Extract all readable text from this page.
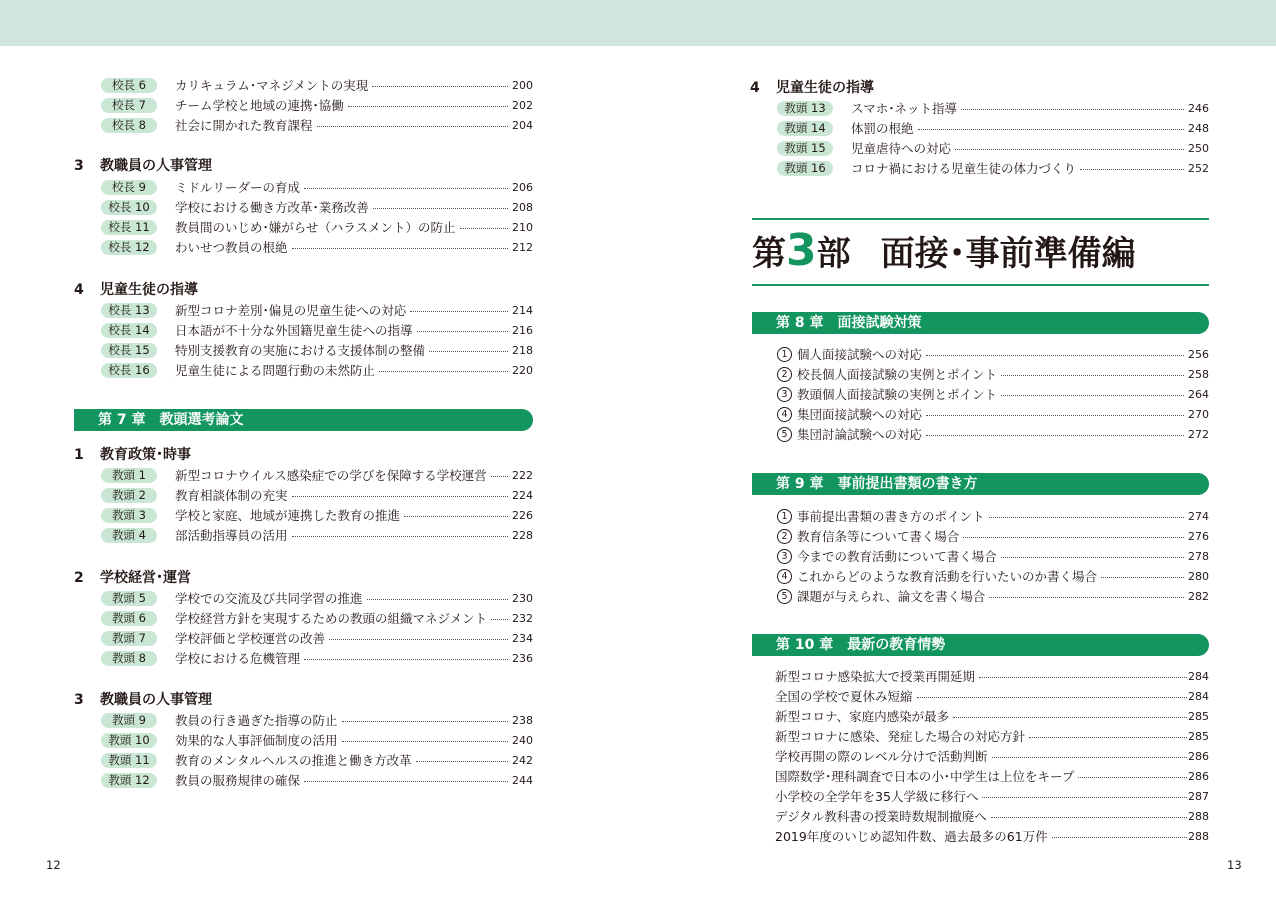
校長 6	カリキュラム･マネジメントの実現	200
校長 7	チーム学校と地域の連携･協働	202
校長 8	社会に開かれた教育課程	204
3 教職員の人事管理
校長 9	ミドルリーダーの育成	206
校長 10	学校における働き方改革･業務改善	208
校長 11	教員間のいじめ･嫌がらせ（ハラスメント）の防止	210
校長 12	わいせつ教員の根絶	212
4 児童生徒の指導
校長 13	新型コロナ差別･偏見の児童生徒への対応	214
校長 14	日本語が不十分な外国籍児童生徒への指導	216
校長 15	特別支援教育の実施における支援体制の整備	218
校長 16	児童生徒による問題行動の未然防止	220
第 7 章　教頭選考論文
1 教育政策･時事
教頭 1	新型コロナウイルス感染症での学びを保障する学校運営 222
教頭 2	教育相談体制の充実	224
教頭 3	学校と家庭、地域が連携した教育の推進	226
教頭 4	部活動指導員の活用	228
2 学校経営･運営
教頭 5	学校での交流及び共同学習の推進	230
教頭 6	学校経営方針を実現するための教頭の組織マネジメント 232
教頭 7	学校評価と学校運営の改善	234
教頭 8	学校における危機管理	236
3 教職員の人事管理
教頭 9	教員の行き過ぎた指導の防止	238
教頭 10	効果的な人事評価制度の活用	240
教頭 11	教育のメンタルヘルスの推進と働き方改革	242
教頭 12	教員の服務規律の確保	244
4 児童生徒の指導
教頭 13	スマホ･ネット指導	246
教頭 14	体罰の根絶	248
教頭 15	児童虐待への対応	250
教頭 16	コロナ禍における児童生徒の体力づくり	252
第3部 面接･事前準備編
第 8 章　面接試験対策
1 個人面接試験への対応	256
2 校長個人面接試験の実例とポイント	258
3 教頭個人面接試験の実例とポイント	264
4 集団面接試験への対応	270
5 集団討論試験への対応	272
第 9 章　事前提出書類の書き方
1 事前提出書類の書き方のポイント	274
2 教育信条等について書く場合	276
3 今までの教育活動について書く場合	278
4 これからどのような教育活動を行いたいのか書く場合	280
5 課題が与えられ、論文を書く場合	282
第 10 章　最新の教育情勢
新型コロナ感染拡大で授業再開延期	284
全国の学校で夏休み短縮	284
新型コロナ、家庭内感染が最多	285
新型コロナに感染、発症した場合の対応方針	285
学校再開の際のレベル分けで活動判断	286
国際数学･理科調査で日本の小･中学生は上位をキープ	286
小学校の全学年を35人学級に移行へ	287
デジタル教科書の授業時数規制撤廃へ	288
2019年度のいじめ認知件数、過去最多の61万件	288
12	13
